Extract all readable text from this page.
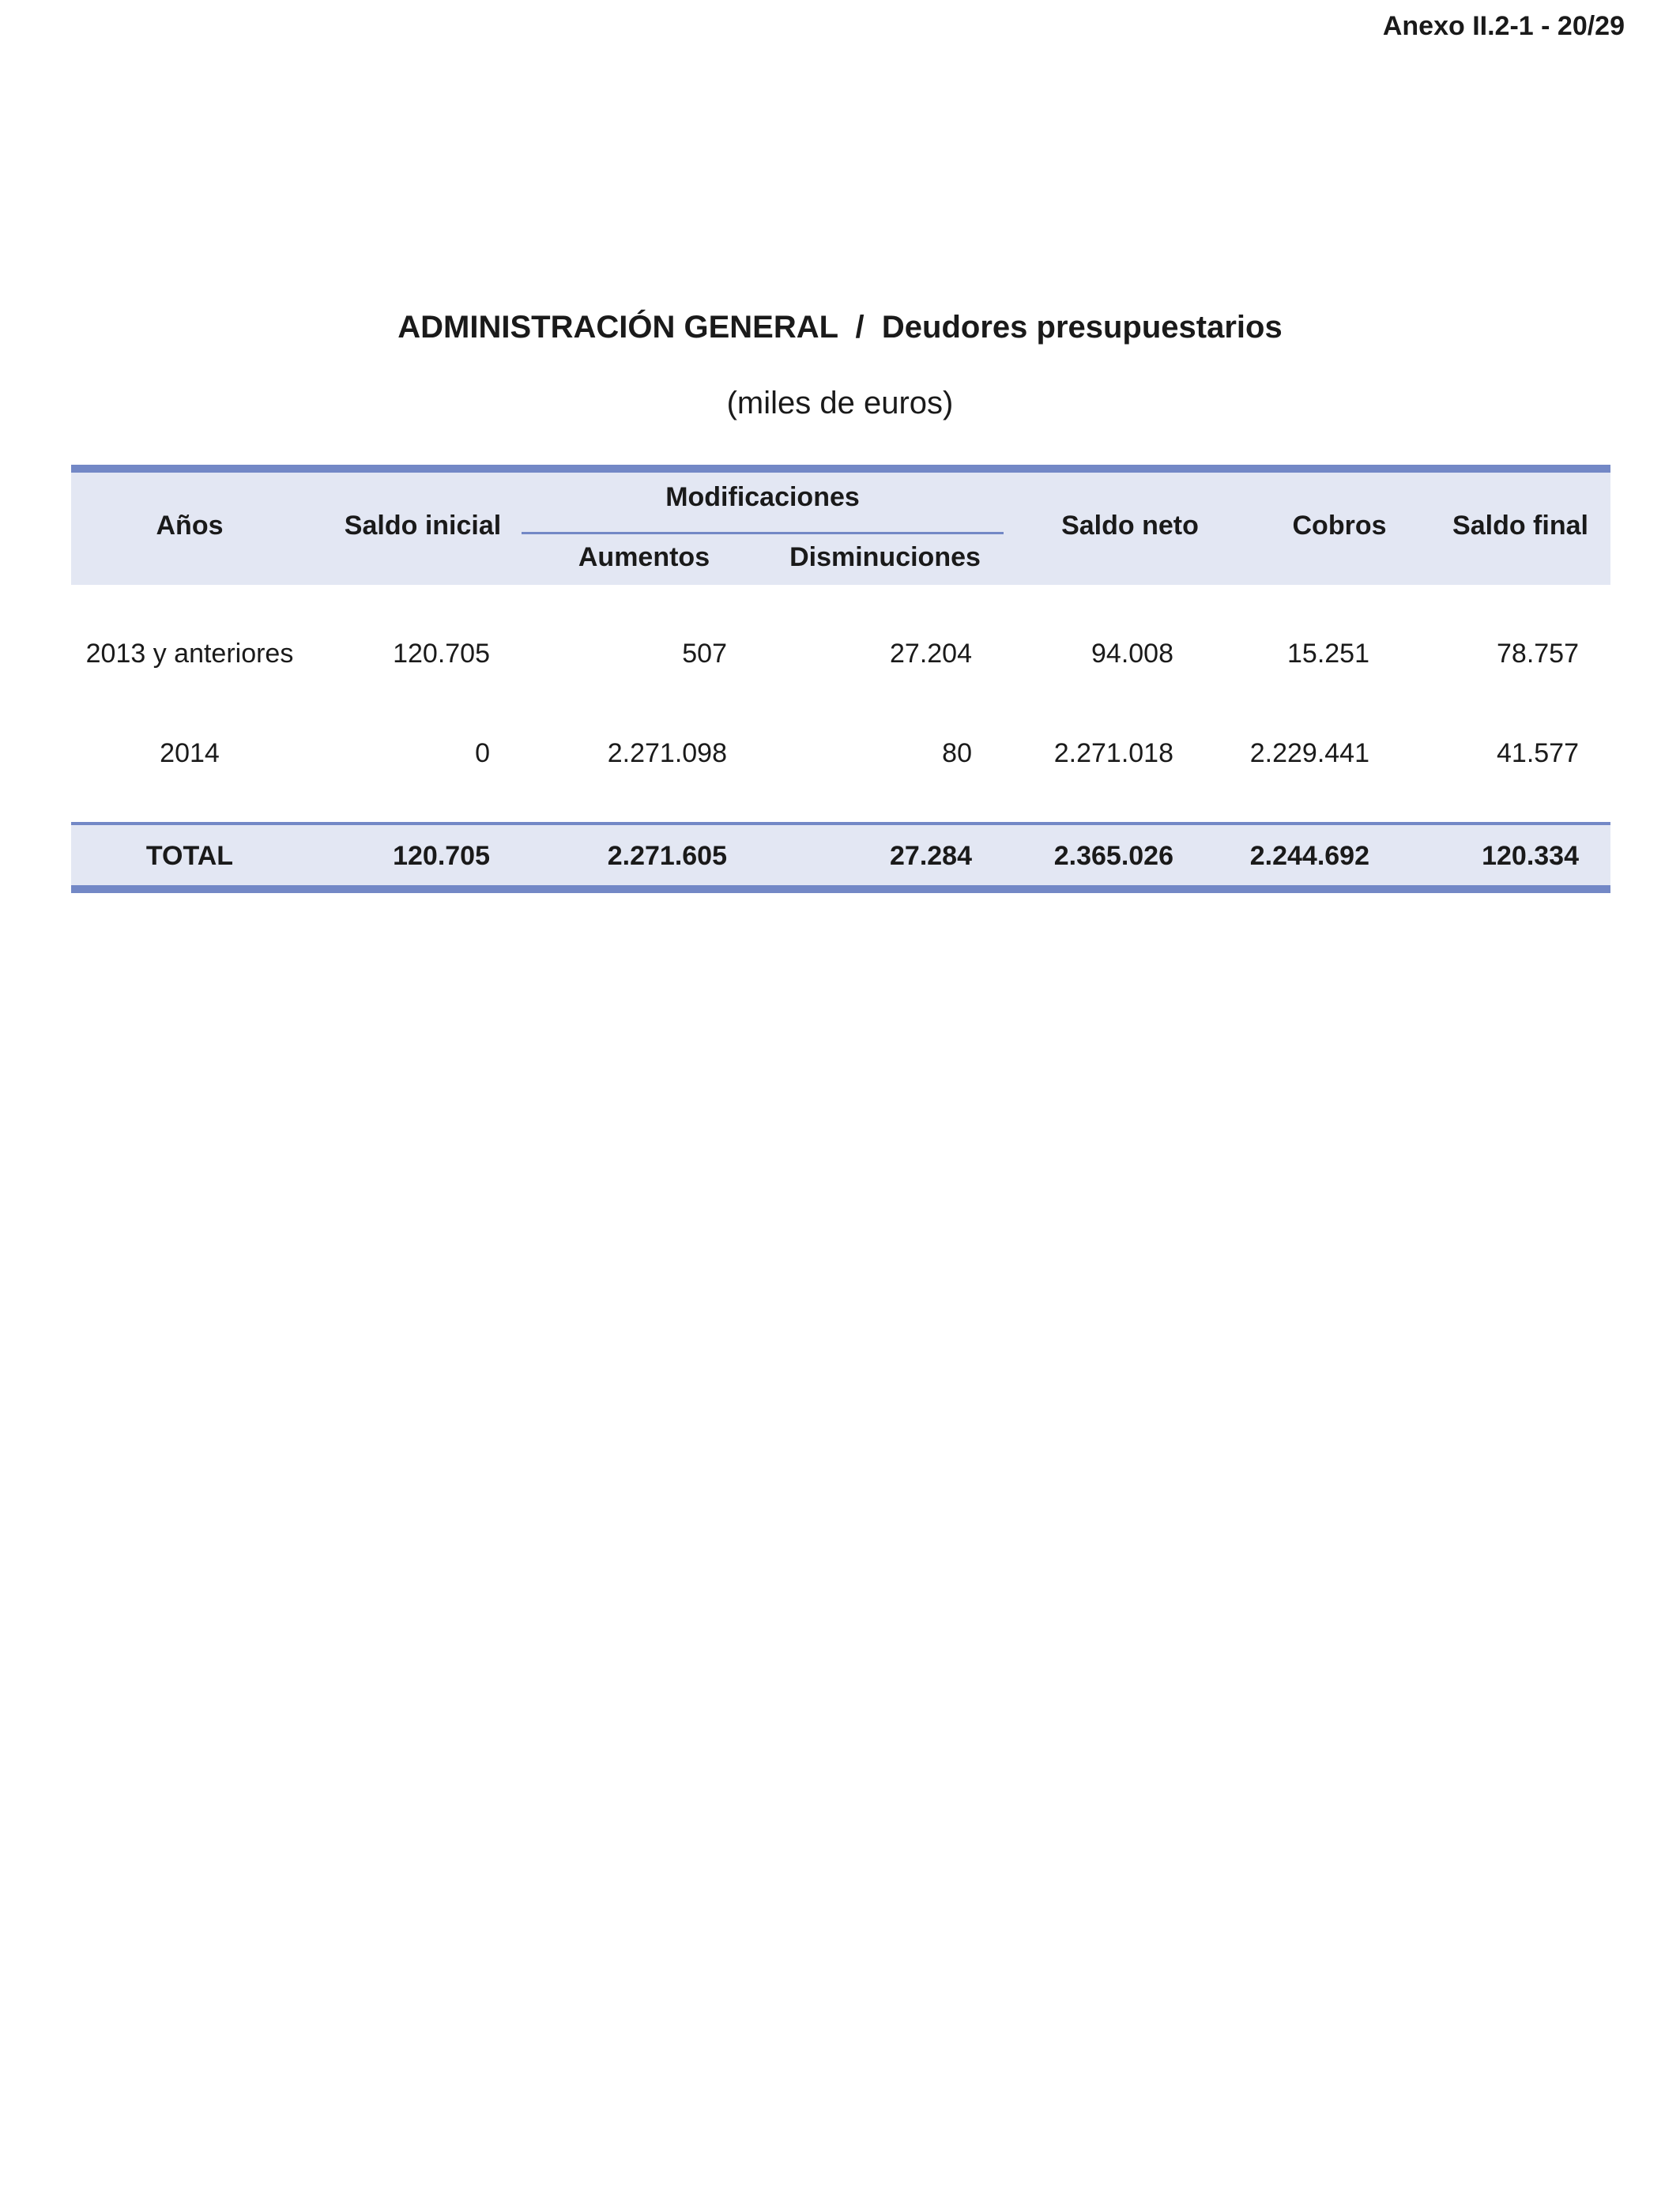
Anexo II.2-1 - 20/29
ADMINISTRACIÓN GENERAL  /  Deudores presupuestarios
(miles de euros)
Años	Saldo inicial
Modificaciones
Aumentos	Disminuciones
Saldo neto	Cobros	Saldo final
2013 y anteriores	120.705	507	27.204	94.008	15.251	78.757
2014	0	2.271.098	80	2.271.018	2.229.441	41.577
TOTAL	120.705	2.271.605	27.284	2.365.026	2.244.692	120.334
